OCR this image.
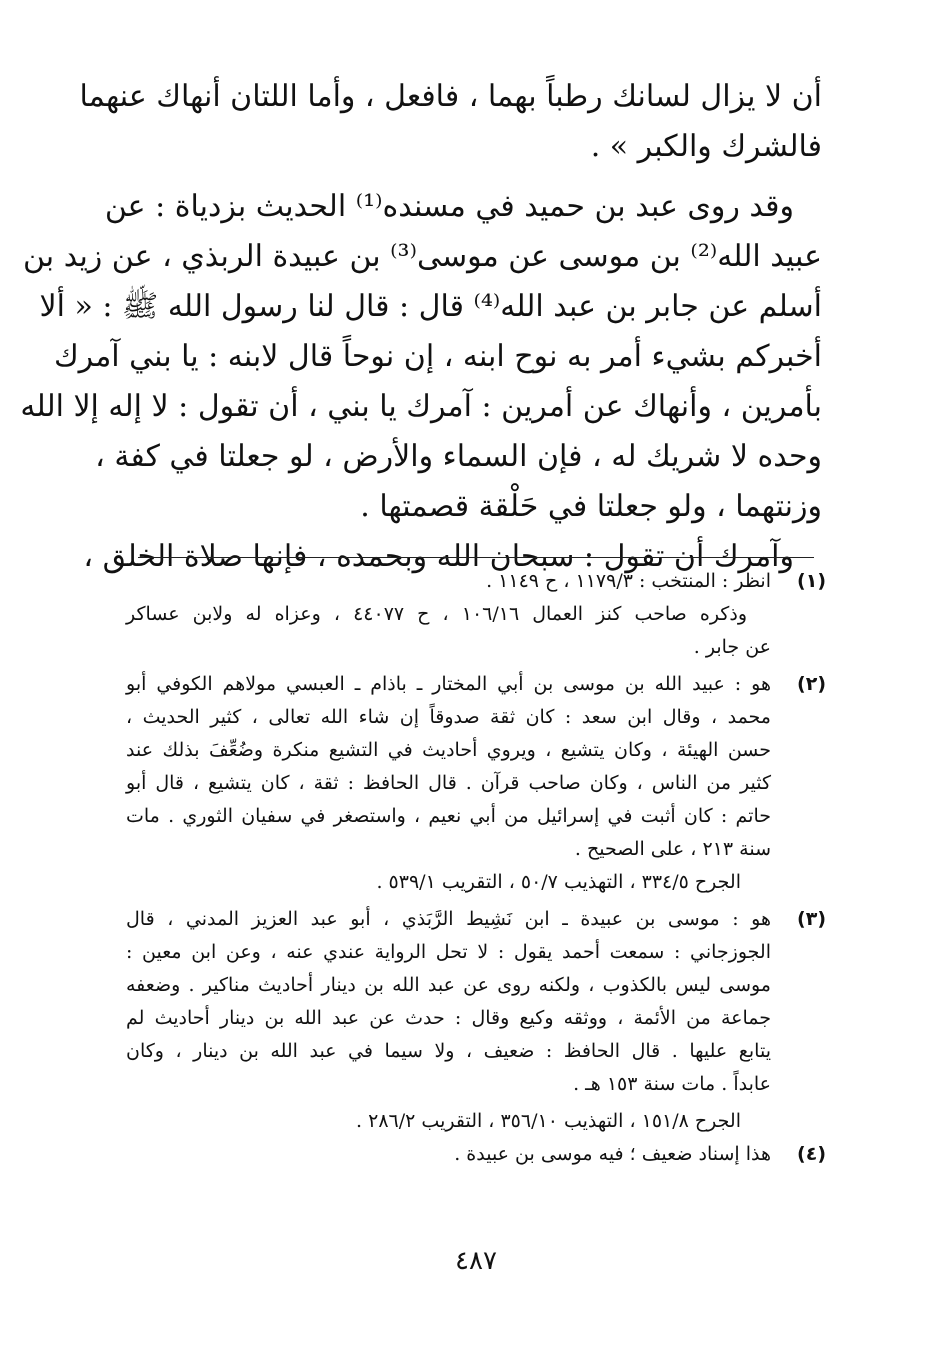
أن لا يزال لسانك رطباً بهما ، فافعل ، وأما اللتان أنهاك عنهما
فالشرك والكبر » .
وقد روى عبد بن حميد في مسنده⁽¹⁾ الحديث بزدياة : عن
عبيد الله⁽²⁾ بن موسى عن موسى⁽³⁾ بن عبيدة الربذي ، عن زيد بن
أسلم عن جابر بن عبد الله⁽⁴⁾ قال : قال لنا رسول الله ﷺ : « ألا
أخبركم بشيء أمر به نوح ابنه ، إن نوحاً قال لابنه : يا بني آمرك
بأمرين ، وأنهاك عن أمرين : آمرك يا بني ، أن تقول : لا إله إلا الله
وحده لا شريك له ، فإن السماء والأرض ، لو جعلتا في كفة ،
وزنتهما ، ولو جعلتا في حَلْقة قصمتها .
وآمرك أن تقول : سبحان الله وبحمده ، فإنها صلاة الخلق ،
(١)
انظر : المنتخب : ١١٧٩/٣ ، ح ١١٤٩ .
وذكره صاحب كنز العمال ١٠٦/١٦ ، ح ٤٤٠٧٧ ، وعزاه له ولابن عساكر
عن جابر .
(٢)
هو : عبيد الله بن موسى بن أبي المختار ـ باذام ـ العبسي مولاهم الكوفي أبو
محمد ، وقال ابن سعد : كان ثقة صدوقاً إن شاء الله تعالى ، كثير الحديث ،
حسن الهيئة ، وكان يتشيع ، ويروي أحاديث في التشيع منكرة وضُعِّفَ بذلك عند
كثير من الناس ، وكان صاحب قرآن . قال الحافظ : ثقة ، كان يتشيع ، قال أبو
حاتم : كان أثبت في إسرائيل من أبي نعيم ، واستصغر في سفيان الثوري . مات
سنة ٢١٣ ، على الصحيح .
الجرح ٣٣٤/٥ ، التهذيب ٥٠/٧ ، التقريب ٥٣٩/١ .
(٣)
هو : موسى بن عبيدة ـ ابن نَشِيط الرَّبَذي ، أبو عبد العزيز المدني ، قال
الجوزجاني : سمعت أحمد يقول : لا تحل الرواية عندي عنه ، وعن ابن معين :
موسى ليس بالكذوب ، ولكنه روى عن عبد الله بن دينار أحاديث مناكير . وضعفه
جماعة من الأئمة ، ووثقه وكيع وقال : حدث عن عبد الله بن دينار أحاديث لم
يتابع عليها . قال الحافظ : ضعيف ، ولا سيما في عبد الله بن دينار ، وكان
عابداً . مات سنة ١٥٣ هـ .
الجرح ١٥١/٨ ، التهذيب ٣٥٦/١٠ ، التقريب ٢٨٦/٢ .
(٤)
هذا إسناد ضعيف ؛ فيه موسى بن عبيدة .
٤٨٧
